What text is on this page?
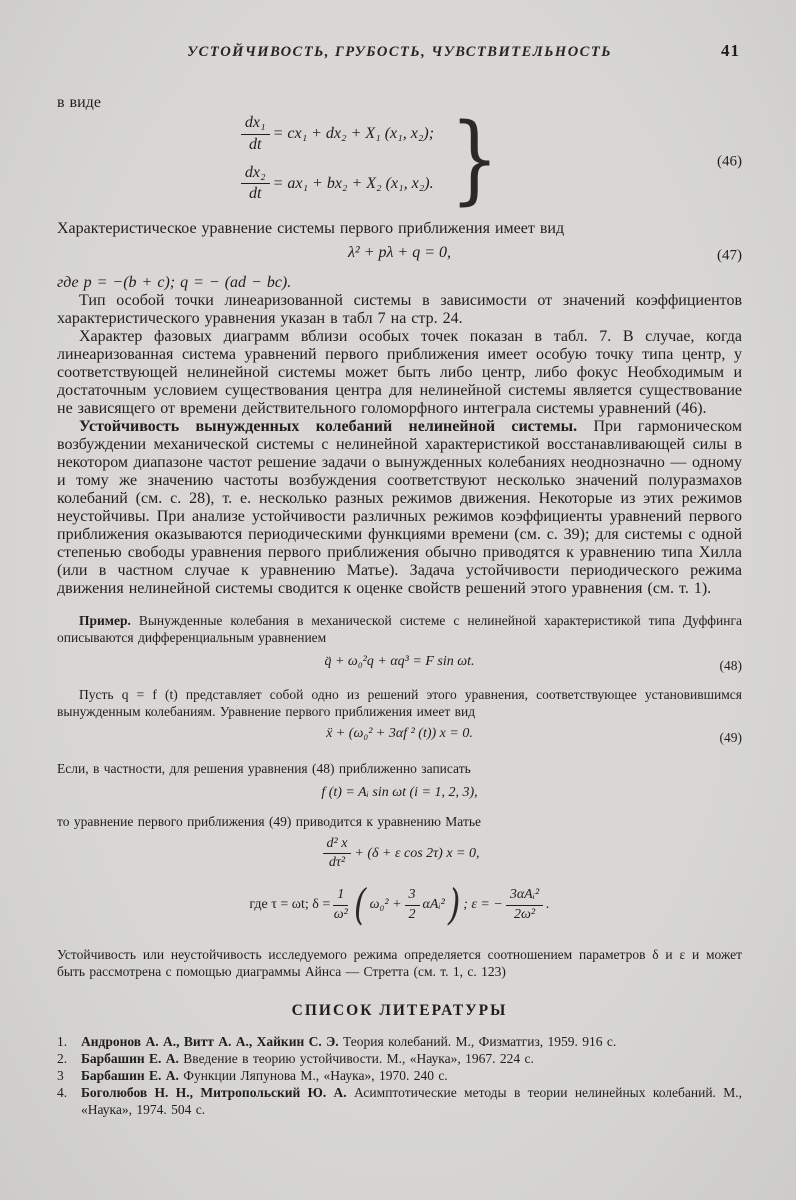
УСТОЙЧИВОСТЬ, ГРУБОСТЬ, ЧУВСТВИТЕЛЬНОСТЬ	41

в виде

$\frac{\text{dx₁}}{dt} = cx_1 + dx_2 + X_1$ (x₁, x₂);
$\frac{\text{dx₂}}{dt} = ax_1 + bx_2 + X_2$ (x₁, x₂). }	(46)

Характеристическое уравнение системы первого приближения имеет вид

λ² + pλ + q = 0,	(47)

где p = −(b + c); q = − (ad − bc).

Тип особой точки линеаризованной системы в зависимости от значений коэффициентов характеристического уравнения указан в табл 7 на стр. 24.

Характер фазовых диаграмм вблизи особых точек показан в табл. 7. В случае, когда линеаризованная система уравнений первого приближения имеет особую точку типа центр, у соответствующей нелинейной системы может быть либо центр, либо фокус Необходимым и достаточным условием существования центра для нелинейной системы является существование не зависящего от времени действительного голоморфного интеграла системы уравнений (46).

Устойчивость вынужденных колебаний нелинейной системы. При гармоническом возбуждении механической системы с нелинейной характеристикой восстанавливающей силы в некотором диапазоне частот решение задачи о вынужденных колебаниях неоднозначно — одному и тому же значению частоты возбуждения соответствуют несколько значений полуразмахов колебаний (см. с. 28), т. е. несколько разных режимов движения. Некоторые из этих режимов неустойчивы. При анализе устойчивости различных режимов коэффициенты уравнений первого приближения оказываются периодическими функциями времени (см. с. 39); для системы с одной степенью свободы уравнения первого приближения обычно приводятся к уравнению типа Хилла (или в частном случае к уравнению Матье). Задача устойчивости периодического режима движения нелинейной системы сводится к оценке свойств решений этого уравнения (см. т. 1).

Пример. Вынужденные колебания в механической системе с нелинейной характеристикой типа Дуффинга описываются дифференциальным уравнением

q̈ + ω₀²q + αq³ = F sin ωt.	(48)

Пусть q = f (t) представляет собой одно из решений этого уравнения, соответствующее установившимся вынужденным колебаниям. Уравнение первого приближения имеет вид

ẍ + (ω₀² + 3αf ² (t)) x = 0.	(49)

Если, в частности, для решения уравнения (48) приближенно записать

f (t) = Aᵢ sin ωt (i = 1, 2, 3),

то уравнение первого приближения (49) приводится к уравнению Матье

$\frac{\text{d² x}}{\text{dτ²}} + (\delta + \varepsilon$ cos 2τ) x = 0,
где τ = ωt; $\delta = \frac{1}{\text{ω²}}$ ( $\omega_0^2 + \frac{3}{2}$ αAᵢ² ) ; ε = − $\frac{\text{3αAᵢ²}}{\text{2ω²}}$ .

Устойчивость или неустойчивость исследуемого режима определяется соотношением параметров δ и ε и может быть рассмотрена с помощью диаграммы Айнса — Стретта (см. т. 1, с. 123)

СПИСОК ЛИТЕРАТУРЫ
1.	Андронов А. А., Витт А. А., Хайкин С. Э. Теория колебаний. М., Физматгиз, 1959. 916 с.

2.	Барбашин Е. А. Введение в теорию устойчивости. М., «Наука», 1967. 224 с.

3	Барбашин Е. А. Функции Ляпунова М., «Наука», 1970. 240 с.

4.	Боголюбов Н. Н., Митропольский Ю. А. Асимптотические методы в теории нелинейных колебаний. М., «Наука», 1974. 504 с.
